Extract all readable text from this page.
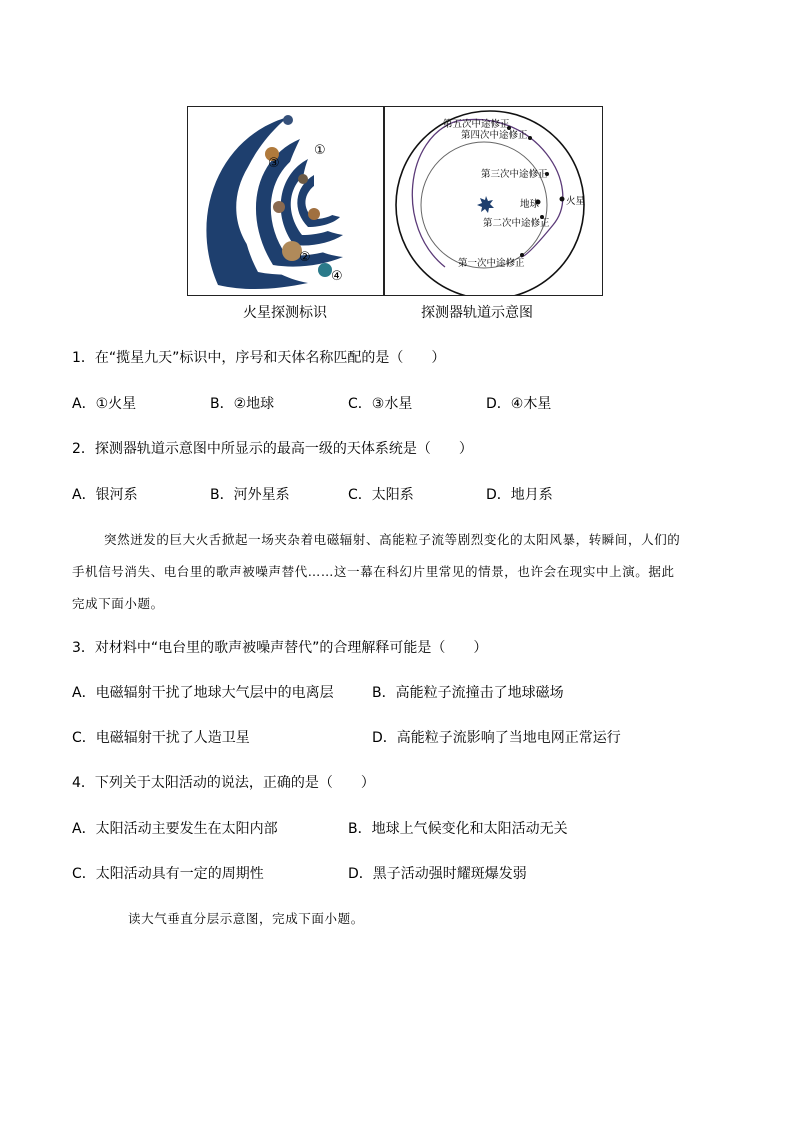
①
②
③
④
第五次中途修正
第四次中途修正
第三次中途修正
地球	火星
第二次中途修正
第一次中途修正
火星探测标识	探测器轨道示意图
1．在“揽星九天”标识中，序号和天体名称匹配的是（　　）
A．①火星	B．②地球	C．③水星	D．④木星
2．探测器轨道示意图中所显示的最高一级的天体系统是（　　）
A．银河系	B．河外星系	C．太阳系	D．地月系
突然迸发的巨大火舌掀起一场夹杂着电磁辐射、高能粒子流等剧烈变化的太阳风暴，转瞬间，人们的
手机信号消失、电台里的歌声被噪声替代……这一幕在科幻片里常见的情景，也许会在现实中上演。据此
完成下面小题。
3．对材料中“电台里的歌声被噪声替代”的合理解释可能是（　　）
A．电磁辐射干扰了地球大气层中的电离层	B．高能粒子流撞击了地球磁场
C．电磁辐射干扰了人造卫星	D．高能粒子流影响了当地电网正常运行
4．下列关于太阳活动的说法，正确的是（　　）
A．太阳活动主要发生在太阳内部	B．地球上气候变化和太阳活动无关
C．太阳活动具有一定的周期性	D．黑子活动强时耀斑爆发弱
读大气垂直分层示意图，完成下面小题。
